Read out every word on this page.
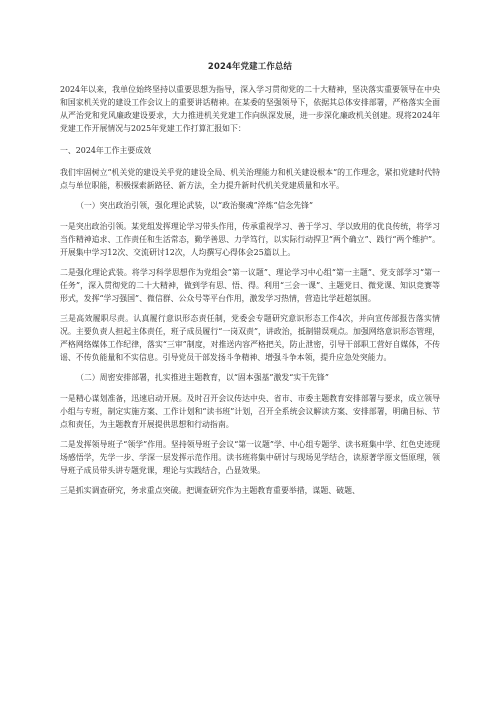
2024年党建工作总结

2024年以来，我单位始终坚持以重要思想为指导，深入学习贯彻党的二十大精神，坚决落实重要领导在中央和国家机关党的建设工作会议上的重要讲话精神。在某委的坚强领导下，依据其总体安排部署，严格落实全面从严治党和党风廉政建设要求，大力推进机关党建工作向纵深发展，进一步深化廉政机关创建。现将2024年党建工作开展情况与2025年党建工作打算汇报如下：

一、2024年工作主要成效

我们牢固树立“机关党的建设关乎党的建设全局、机关治理能力和机关建设根本”的工作理念，紧扣党建时代特点与单位职能，积极探索新路径、新方法，全力提升新时代机关党建质量和水平。

（一）突出政治引领，强化理论武装，以“政治聚魂”淬炼“信念先锋”

一是突出政治引领。某党组发挥理论学习带头作用，传承重视学习、善于学习、学以致用的优良传统，将学习当作精神追求、工作责任和生活常态，勤学善思、力学笃行，以实际行动捍卫“两个确立”、践行“两个维护”。开展集中学习12次、交流研讨12次，人均撰写心得体会25篇以上。

二是强化理论武装。将学习科学思想作为党组会“第一议题”、理论学习中心组“第一主题”、党支部学习“第一任务”，深入贯彻党的二十大精神，做到学有思、悟、得。利用“三会一课”、主题党日、微党课、知识竞赛等形式，发挥“学习强国”、微信群、公众号等平台作用，激发学习热情，营造比学赶超氛围。

三是高效履职尽责。认真履行意识形态责任制，党委会专题研究意识形态工作4次，并向宣传部报告落实情况。主要负责人担起主体责任，班子成员履行“一岗双责”，讲政治，抵制错误观点。加强网络意识形态管理，严格网络媒体工作纪律，落实“三审”制度，对推送内容严格把关，防止泄密，引导干部职工营好自媒体，不传谣、不传负能量和不实信息。引导党员干部发扬斗争精神、增强斗争本领，提升应急处突能力。

（二）周密安排部署，扎实推进主题教育，以“固本强基”激发“实干先锋”

一是精心谋划准备，迅速启动开展。及时召开会议传达中央、省市、市委主题教育安排部署与要求，成立领导小组与专班，制定实施方案、工作计划和“读书班”计划，召开全系统会议解读方案、安排部署，明确目标、节点和责任，为主题教育开展提供思想和行动指南。

二是发挥领导班子“领学”作用。坚持领导班子会议“第一议题”学、中心组专题学、读书班集中学、红色史迹现场感悟学，先学一步、学深一层发挥示范作用。读书班将集中研讨与现场见学结合，读原著学原文悟原理，领导班子成员带头讲专题党课，理论与实践结合，凸显效果。

三是抓实调查研究，务求重点突破。把调查研究作为主题教育重要举措，谋题、破题、
